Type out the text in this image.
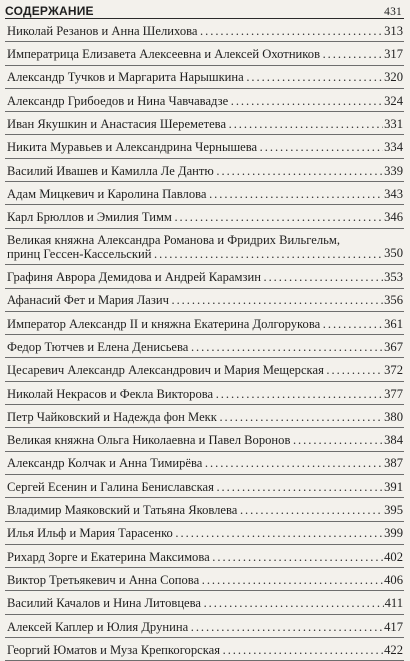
СОДЕРЖАНИЕ	431
Николай Резанов и Анна Шелихова . . .	313
Императрица Елизавета Алексеевна и Алексей Охотников . . .	317
Александр Тучков и Маргарита Нарышкина . . .	320
Александр Грибоедов и Нина Чавчавадзе . . .	324
Иван Якушкин и Анастасия Шереметева . . .	331
Никита Муравьев и Александрина Чернышева . . .	334
Василий Ивашев и Камилла Ле Дантю . . .	339
Адам Мицкевич и Каролина Павлова . . .	343
Карл Брюллов и Эмилия Тимм . . .	346
Великая княжна Александра Романова и Фридрих Вильгельм,
принц Гессен-Кассельский . . .	350
Графиня Аврора Демидова и Андрей Карамзин . . .	353
Афанасий Фет и Мария Лазич . . .	356
Император Александр II и княжна Екатерина Долгорукова . . .	361
Федор Тютчев и Елена Денисьева . . .	367
Цесаревич Александр Александрович и Мария Мещерская . . .	372
Николай Некрасов и Фекла Викторова . . .	377
Петр Чайковский и Надежда фон Мекк . . .	380
Великая княжна Ольга Николаевна и Павел Воронов . . .	384
Александр Колчак и Анна Тимирёва . . .	387
Сергей Есенин и Галина Бениславская . . .	391
Владимир Маяковский и Татьяна Яковлева . . .	395
Илья Ильф и Мария Тарасенко . . .	399
Рихард Зорге и Екатерина Максимова . . .	402
Виктор Третьякевич и Анна Сопова . . .	406
Василий Качалов и Нина Литовцева . . .	411
Алексей Каплер и Юлия Друнина . . .	417
Георгий Юматов и Муза Крепкогорская . . .	422
